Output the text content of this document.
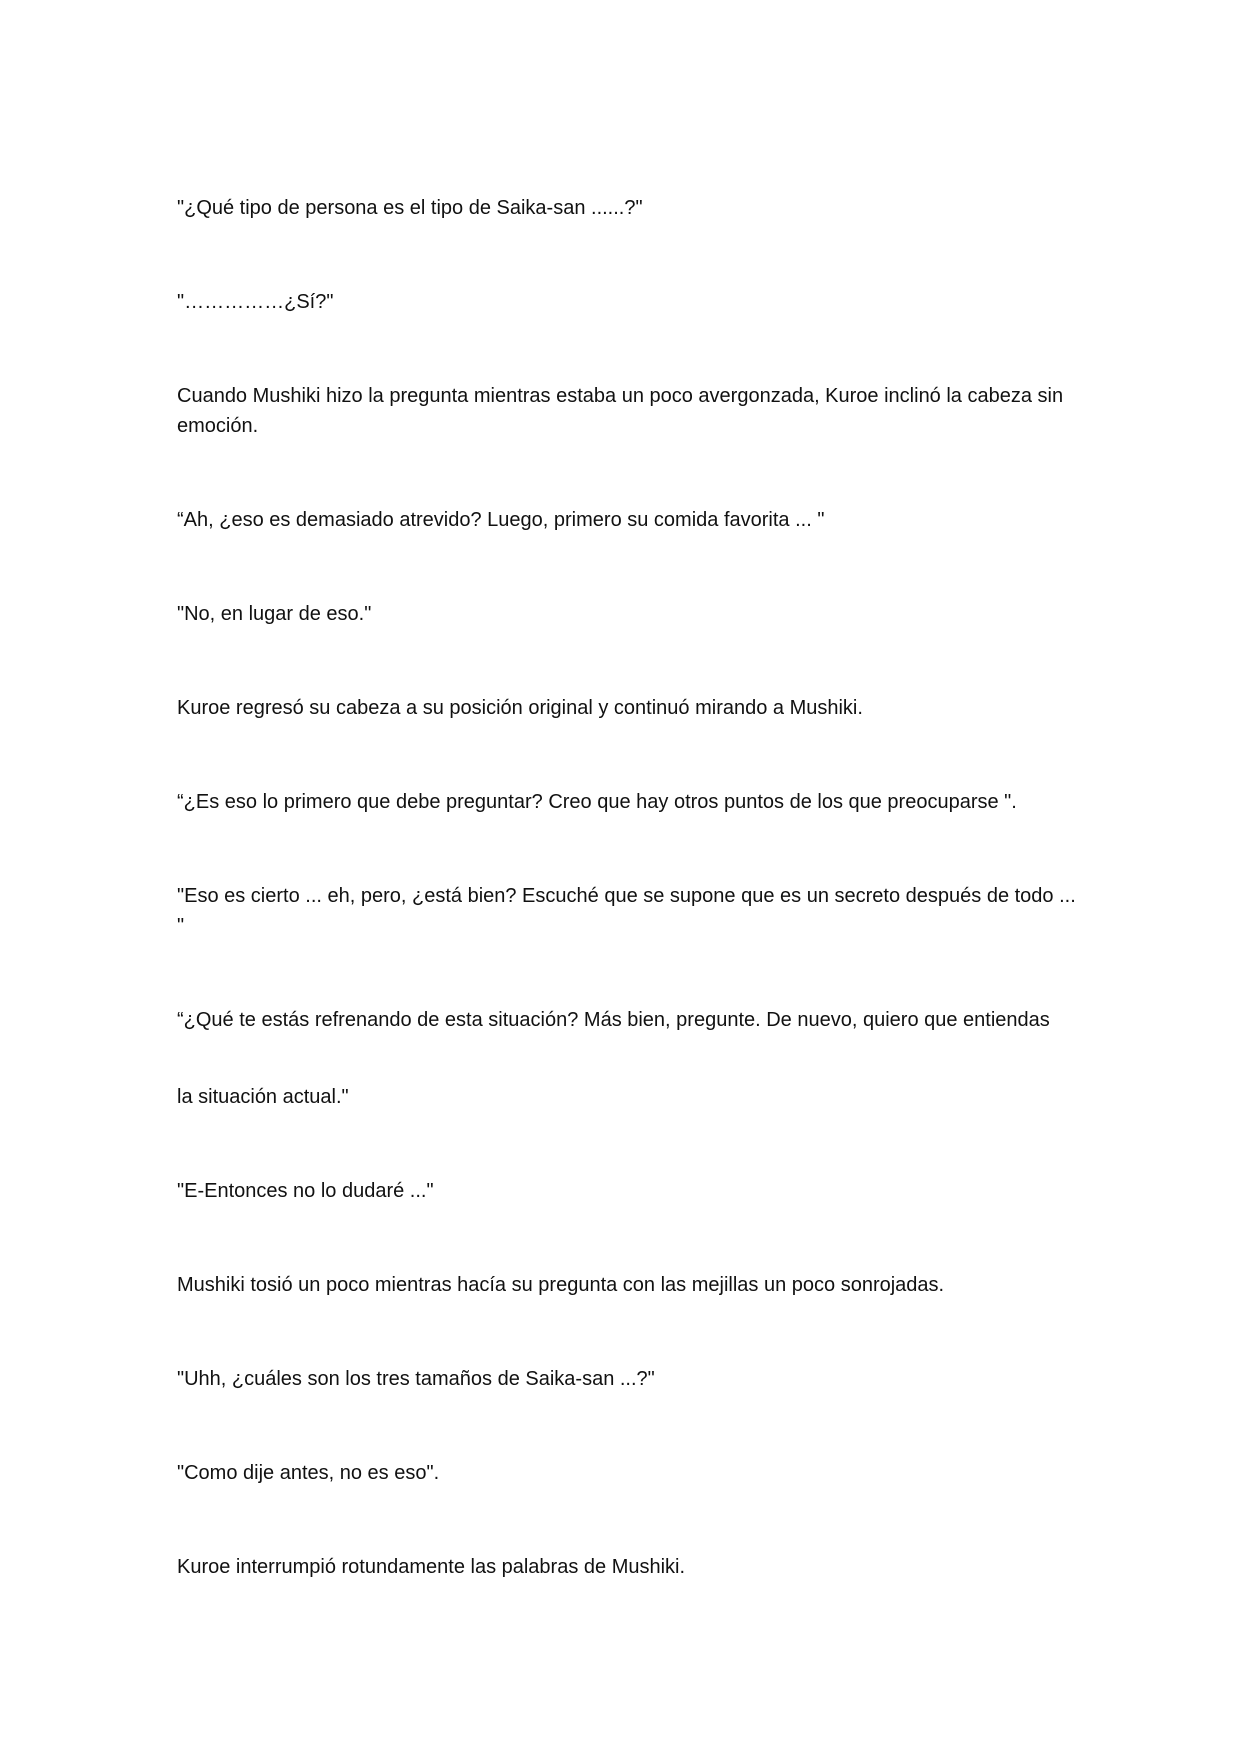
"¿Qué tipo de persona es el tipo de Saika-san ......?"

"……………¿Sí?"

Cuando Mushiki hizo la pregunta mientras estaba un poco avergonzada, Kuroe inclinó la cabeza sin emoción.

“Ah, ¿eso es demasiado atrevido? Luego, primero su comida favorita ... "

"No, en lugar de eso."

Kuroe regresó su cabeza a su posición original y continuó mirando a Mushiki.

“¿Es eso lo primero que debe preguntar? Creo que hay otros puntos de los que preocuparse ".

"Eso es cierto ... eh, pero, ¿está bien? Escuché que se supone que es un secreto después de todo ... "

“¿Qué te estás refrenando de esta situación? Más bien, pregunte. De nuevo, quiero que entiendas

la situación actual."

"E-Entonces no lo dudaré ..."

Mushiki tosió un poco mientras hacía su pregunta con las mejillas un poco sonrojadas.

"Uhh, ¿cuáles son los tres tamaños de Saika-san ...?"

"Como dije antes, no es eso".

Kuroe interrumpió rotundamente las palabras de Mushiki.
